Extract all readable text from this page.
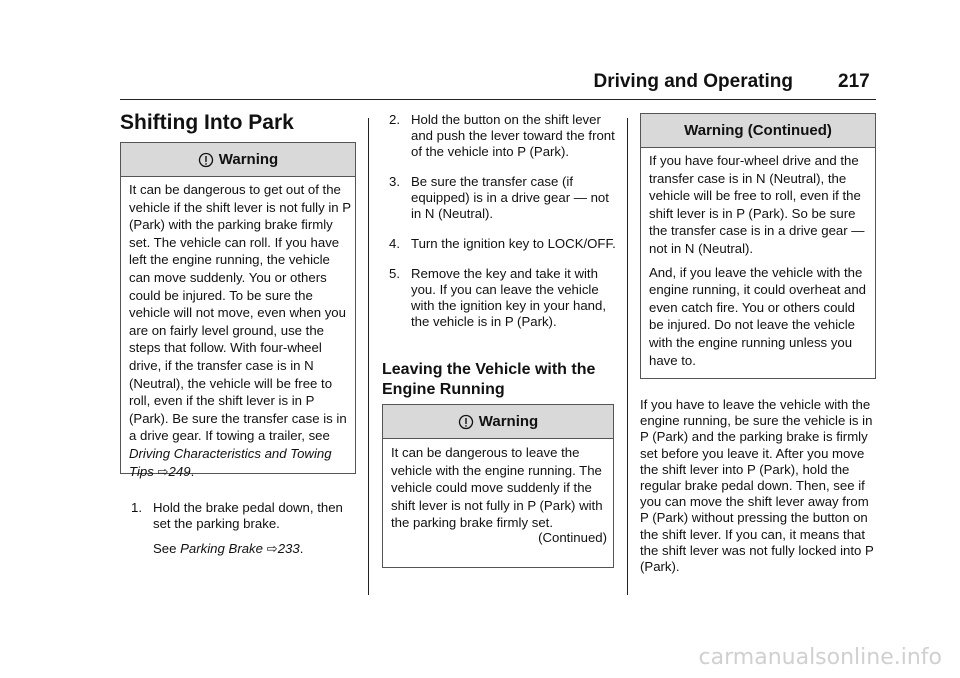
Driving and Operating 217
Shifting Into Park
Warning
It can be dangerous to get out of the vehicle if the shift lever is not fully in P (Park) with the parking brake firmly set. The vehicle can roll. If you have left the engine running, the vehicle can move suddenly. You or others could be injured. To be sure the vehicle will not move, even when you are on fairly level ground, use the steps that follow. With four-wheel drive, if the transfer case is in N (Neutral), the vehicle will be free to roll, even if the shift lever is in P (Park). Be sure the transfer case is in a drive gear. If towing a trailer, see Driving Characteristics and Towing Tips ⇨249.
1. Hold the brake pedal down, then set the parking brake.
See Parking Brake ⇨233.
2. Hold the button on the shift lever and push the lever toward the front of the vehicle into P (Park).
3. Be sure the transfer case (if equipped) is in a drive gear — not in N (Neutral).
4. Turn the ignition key to LOCK/OFF.
5. Remove the key and take it with you. If you can leave the vehicle with the ignition key in your hand, the vehicle is in P (Park).
Leaving the Vehicle with the Engine Running
Warning
It can be dangerous to leave the vehicle with the engine running. The vehicle could move suddenly if the shift lever is not fully in P (Park) with the parking brake firmly set.
(Continued)
Warning (Continued)
If you have four-wheel drive and the transfer case is in N (Neutral), the vehicle will be free to roll, even if the shift lever is in P (Park). So be sure the transfer case is in a drive gear — not in N (Neutral).
And, if you leave the vehicle with the engine running, it could overheat and even catch fire. You or others could be injured. Do not leave the vehicle with the engine running unless you have to.
If you have to leave the vehicle with the engine running, be sure the vehicle is in P (Park) and the parking brake is firmly set before you leave it. After you move the shift lever into P (Park), hold the regular brake pedal down. Then, see if you can move the shift lever away from P (Park) without pressing the button on the shift lever. If you can, it means that the shift lever was not fully locked into P (Park).
carmanualsonline.info
